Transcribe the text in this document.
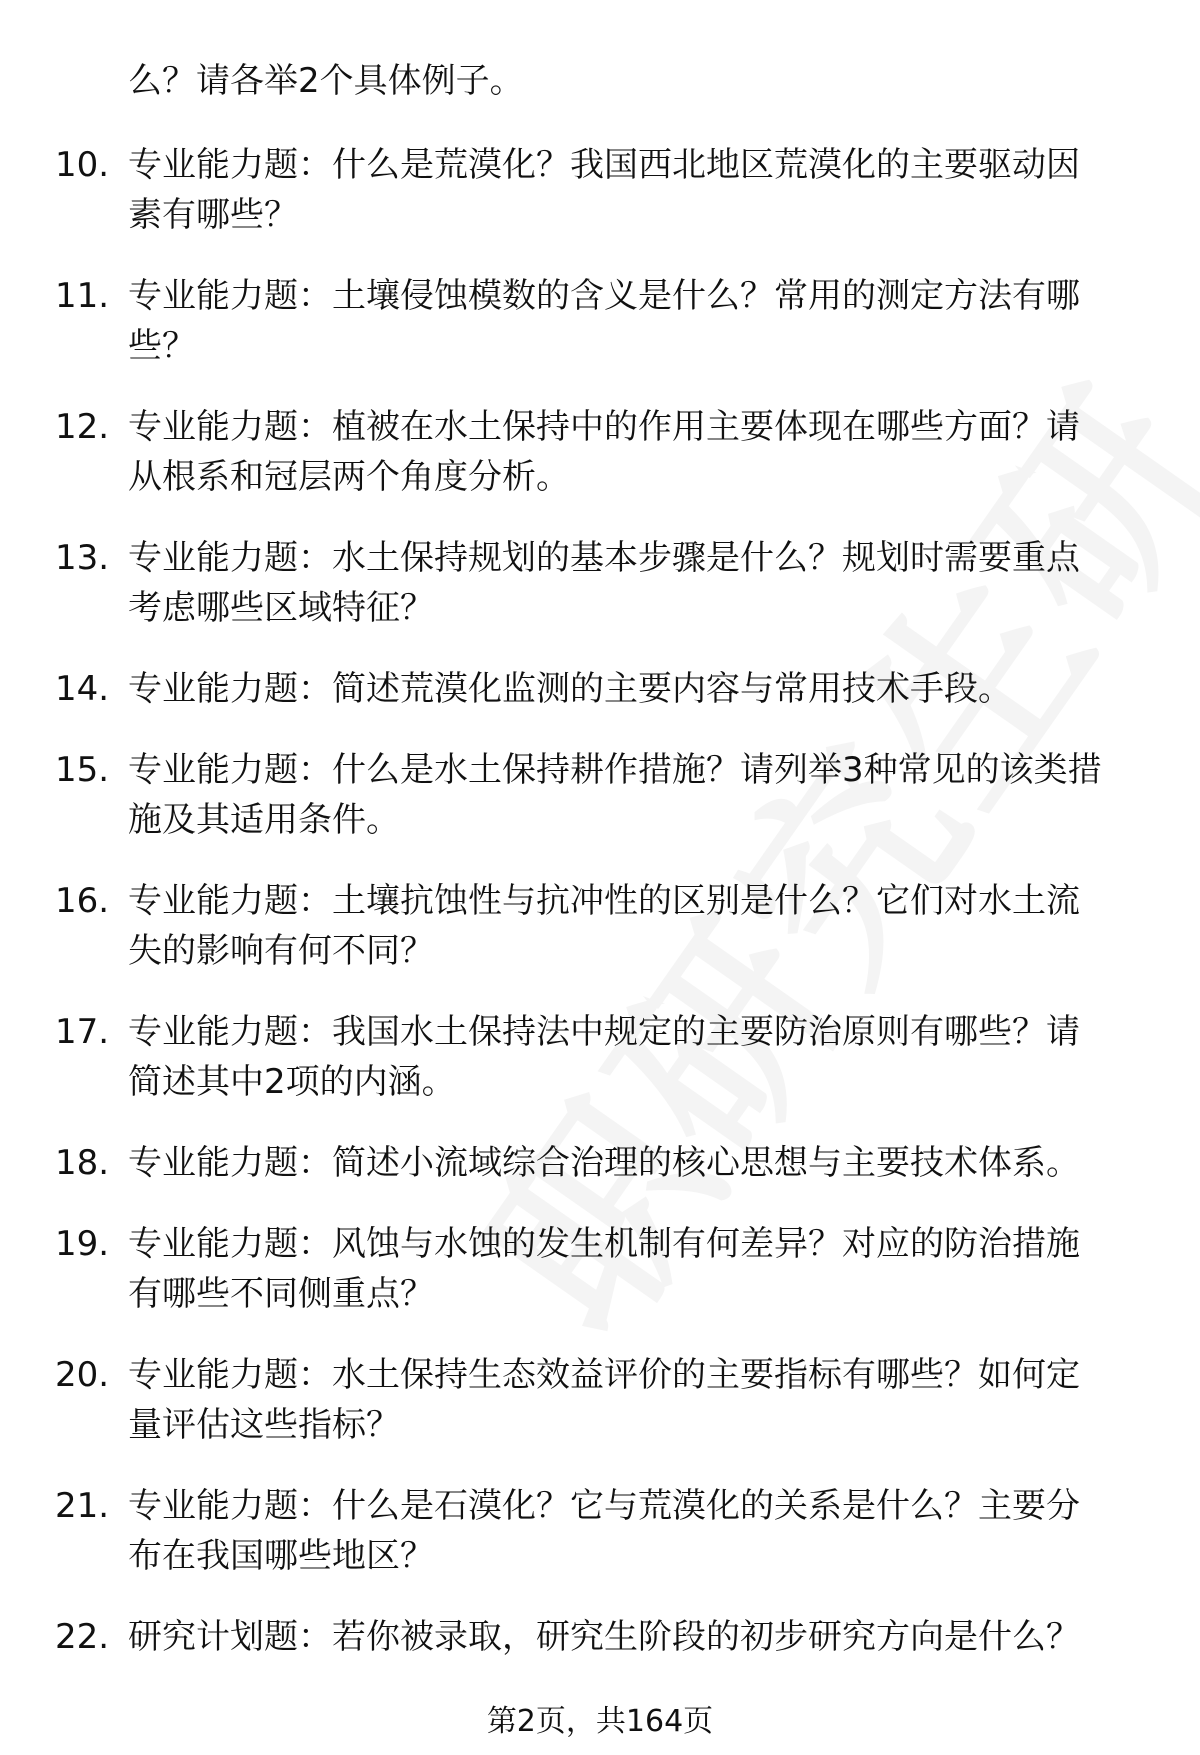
么？请各举2个具体例子。
10. 专业能力题：什么是荒漠化？我国西北地区荒漠化的主要驱动因
素有哪些？
11. 专业能力题：土壤侵蚀模数的含义是什么？常用的测定方法有哪
些？
12. 专业能力题：植被在水土保持中的作用主要体现在哪些方面？请
从根系和冠层两个角度分析。
13. 专业能力题：水土保持规划的基本步骤是什么？规划时需要重点
考虑哪些区域特征？
14. 专业能力题：简述荒漠化监测的主要内容与常用技术手段。
15. 专业能力题：什么是水土保持耕作措施？请列举3种常见的该类措
施及其适用条件。
16. 专业能力题：土壤抗蚀性与抗冲性的区别是什么？它们对水土流
失的影响有何不同？
17. 专业能力题：我国水土保持法中规定的主要防治原则有哪些？请
简述其中2项的内涵。
18. 专业能力题：简述小流域综合治理的核心思想与主要技术体系。
19. 专业能力题：风蚀与水蚀的发生机制有何差异？对应的防治措施
有哪些不同侧重点？
20. 专业能力题：水土保持生态效益评价的主要指标有哪些？如何定
量评估这些指标？
21. 专业能力题：什么是石漠化？它与荒漠化的关系是什么？主要分
布在我国哪些地区？
22. 研究计划题：若你被录取，研究生阶段的初步研究方向是什么？
第2页，共164页
